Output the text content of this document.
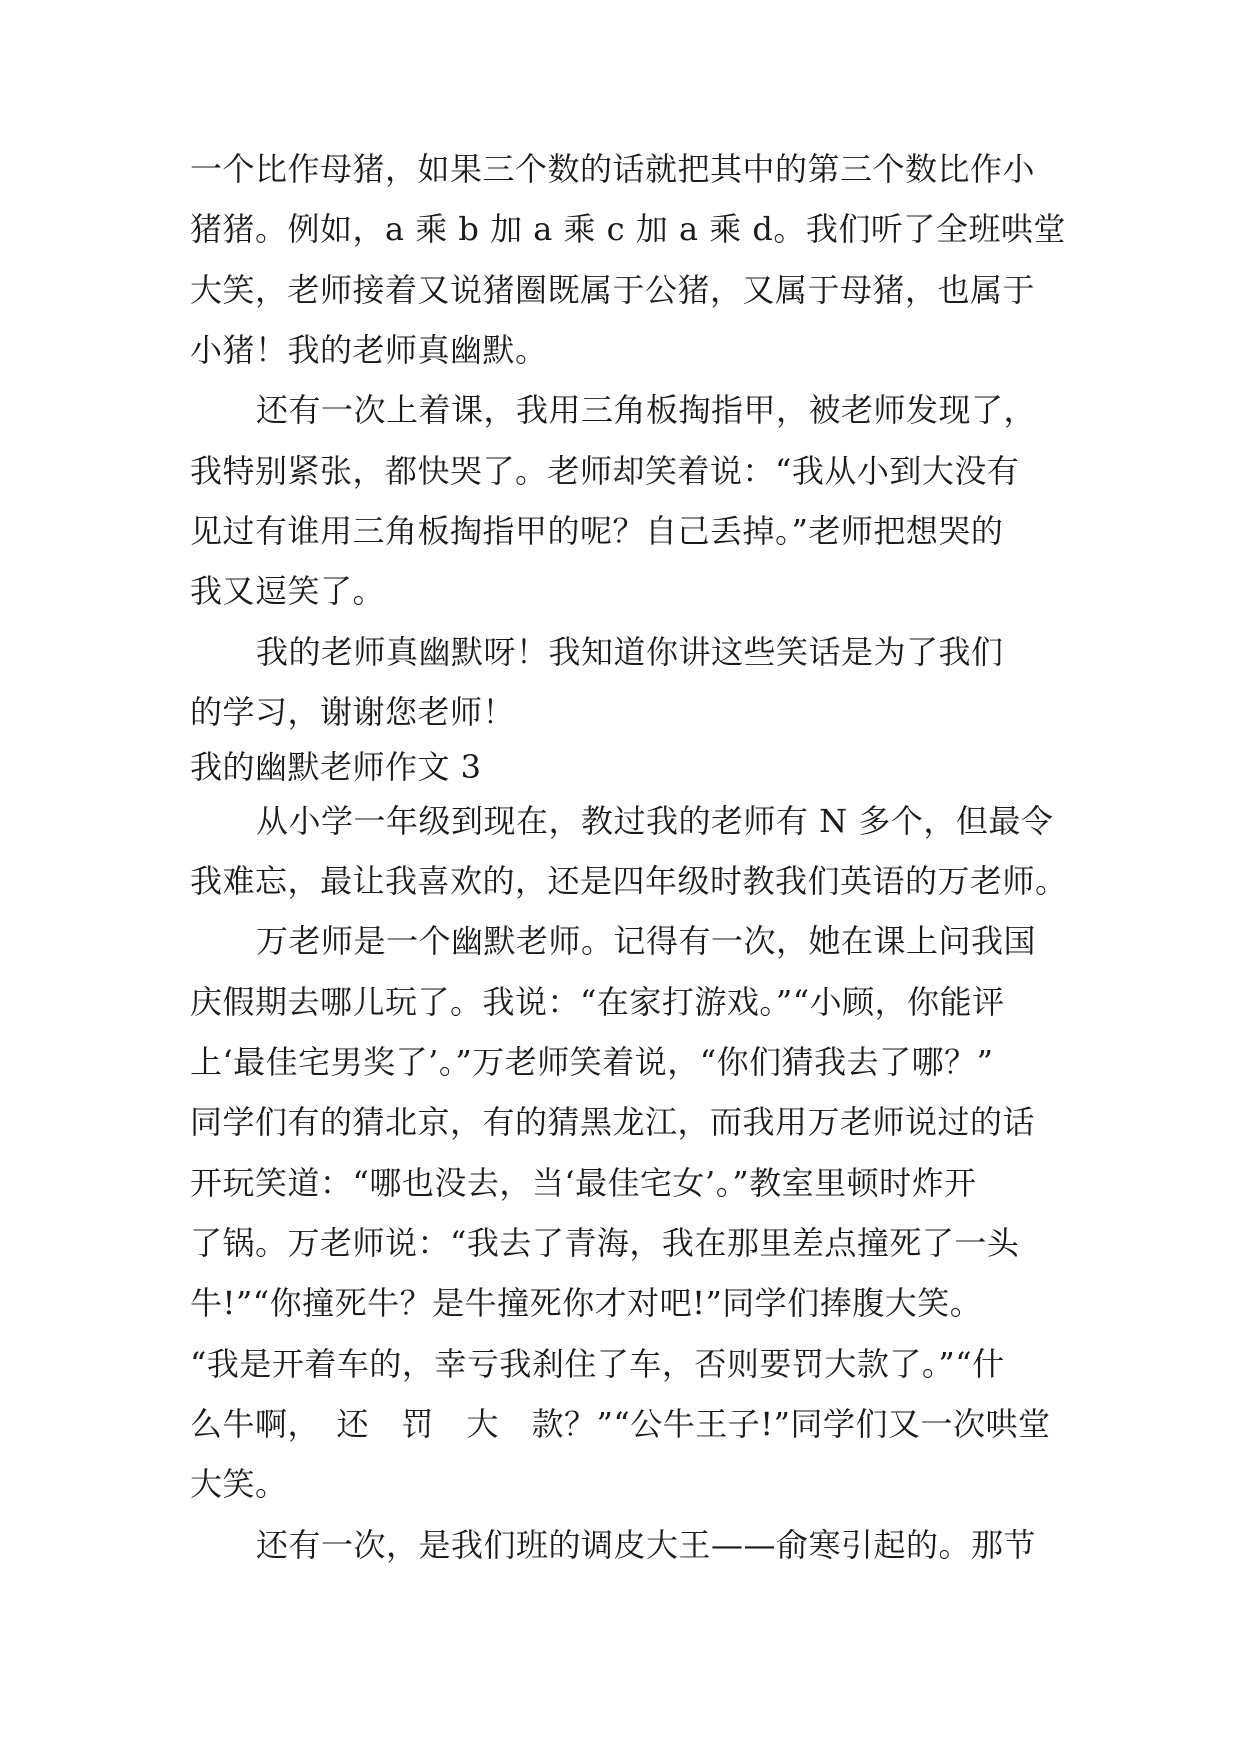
一个比作母猪，如果三个数的话就把其中的第三个数比作小
猪猪。例如，a 乘 b 加 a 乘 c 加 a 乘 d。我们听了全班哄堂
大笑，老师接着又说猪圈既属于公猪，又属于母猪，也属于
小猪！我的老师真幽默。
还有一次上着课，我用三角板掏指甲，被老师发现了，
我特别紧张，都快哭了。老师却笑着说：“我从小到大没有
见过有谁用三角板掏指甲的呢？自己丢掉。”老师把想哭的
我又逗笑了。
我的老师真幽默呀！我知道你讲这些笑话是为了我们
的学习，谢谢您老师！
我的幽默老师作文 3
从小学一年级到现在，教过我的老师有 N 多个，但最令
我难忘，最让我喜欢的，还是四年级时教我们英语的万老师。
万老师是一个幽默老师。记得有一次，她在课上问我国
庆假期去哪儿玩了。我说：“在家打游戏。”“小顾，你能评
上‘最佳宅男奖了’。”万老师笑着说，“你们猜我去了哪？”
同学们有的猜北京，有的猜黑龙江，而我用万老师说过的话
开玩笑道：“哪也没去，当‘最佳宅女’。”教室里顿时炸开
了锅。万老师说：“我去了青海，我在那里差点撞死了一头
牛!”“你撞死牛？是牛撞死你才对吧!”同学们捧腹大笑。
“我是开着车的，幸亏我刹住了车，否则要罚大款了。”“什
么牛啊，　还　罚　大　款？”“公牛王子!”同学们又一次哄堂
大笑。
还有一次，是我们班的调皮大王——俞寒引起的。那节
